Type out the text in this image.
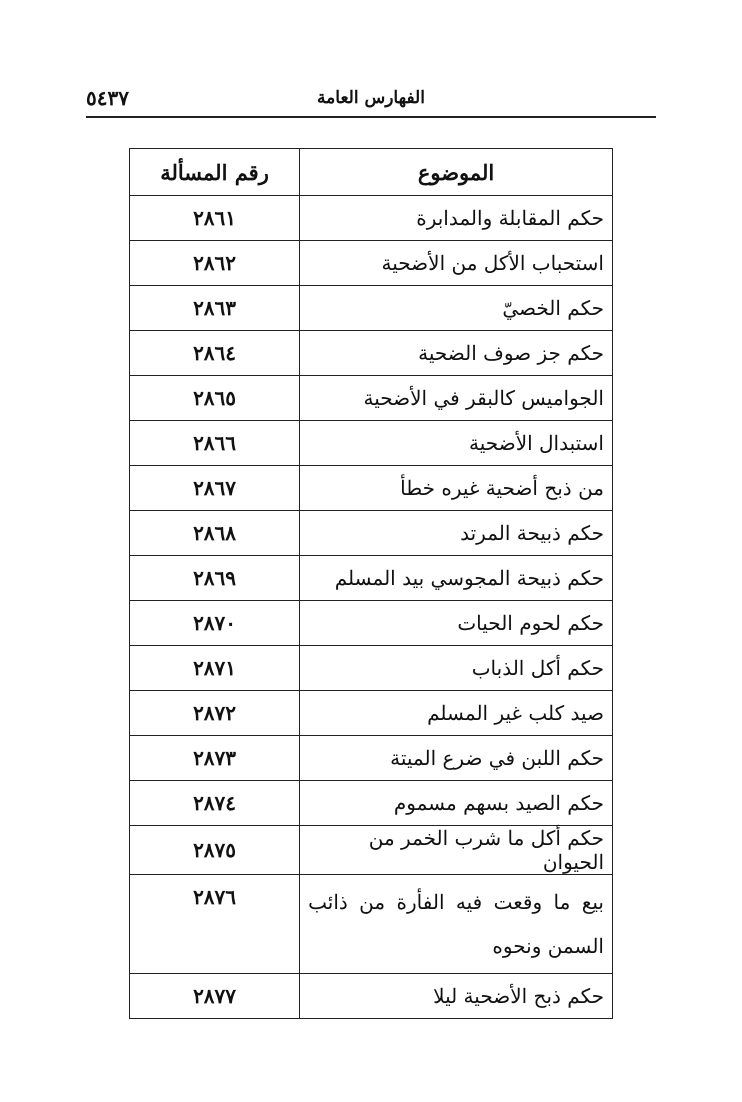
الفهارس العامة
٥٤٣٧
الموضوع	رقم المسألة
حكم المقابلة والمدابرة	٢٨٦١
استحباب الأكل من الأضحية	٢٨٦٢
حكم الخصيّ	٢٨٦٣
حكم جز صوف الضحية	٢٨٦٤
الجواميس كالبقر في الأضحية	٢٨٦٥
استبدال الأضحية	٢٨٦٦
من ذبح أضحية غيره خطأ	٢٨٦٧
حكم ذبيحة المرتد	٢٨٦٨
حكم ذبيحة المجوسي بيد المسلم	٢٨٦٩
حكم لحوم الحيات	٢٨٧٠
حكم أكل الذباب	٢٨٧١
صيد كلب غير المسلم	٢٨٧٢
حكم اللبن في ضرع الميتة	٢٨٧٣
حكم الصيد بسهم مسموم	٢٨٧٤
حكم أكل ما شرب الخمر من الحيوان	٢٨٧٥
بيع ما وقعت فيه الفأرة من ذائب السمن ونحوه	٢٨٧٦
حكم ذبح الأضحية ليلا	٢٨٧٧
